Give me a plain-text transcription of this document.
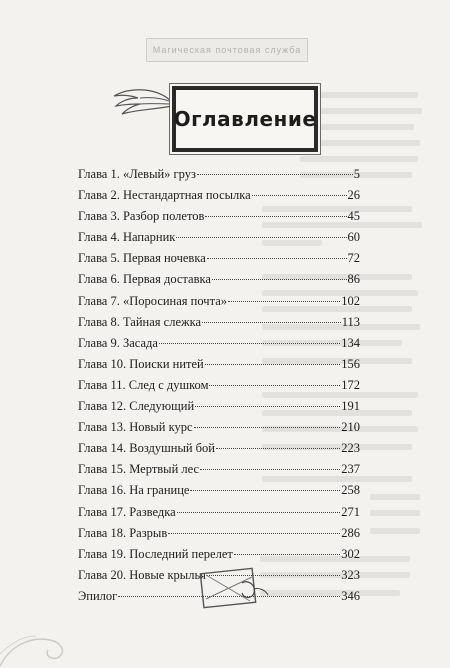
Магическая почтовая служба
Оглавление
Глава 1. «Левый» груз	5
Глава 2. Нестандартная посылка	26
Глава 3. Разбор полетов	45
Глава 4. Напарник	60
Глава 5. Первая ночевка	72
Глава 6. Первая доставка	86
Глава 7. «Поросиная почта»	102
Глава 8. Тайная слежка	113
Глава 9. Засада	134
Глава 10. Поиски нитей	156
Глава 11. След с душком	172
Глава 12. Следующий	191
Глава 13. Новый курс	210
Глава 14. Воздушный бой	223
Глава 15. Мертвый лес	237
Глава 16. На границе	258
Глава 17. Разведка	271
Глава 18. Разрыв	286
Глава 19. Последний перелет	302
Глава 20. Новые крылья	323
Эпилог	346
